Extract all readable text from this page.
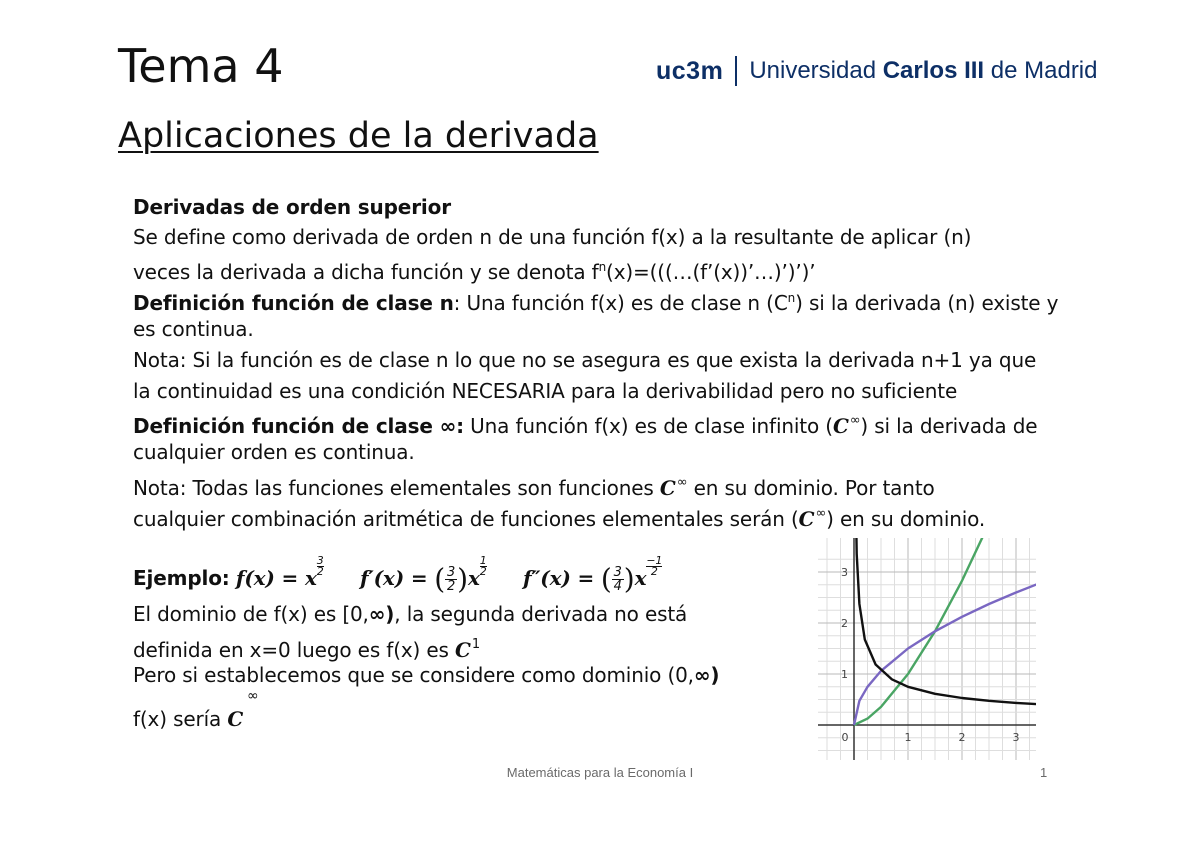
Tema 4
Aplicaciones de la derivada
uc3m Universidad Carlos III de Madrid
Derivadas de orden superior
Se define como derivada de orden n de una función f(x) a la resultante de aplicar (n)
veces la derivada a dicha función y se denota $f^n(x)=(((\dots(f’(x))’\dots)’)’)$’
Definición función de clase n: Una función f(x) es de clase n $(C^n)$ si la derivada (n) existe y
es continua.
Nota: Si la función es de clase n lo que no se asegura es que exista la derivada n+1 ya que
la continuidad es una condición NECESARIA para la derivabilidad pero no suficiente
Definición función de clase ∞: Una función f(x) es de clase infinito (C∞) si la derivada de
cualquier orden es continua.
Nota: Todas las funciones elementales son funciones C∞ en su dominio. Por tanto
cualquier combinación aritmética de funciones elementales serán (C∞) en su dominio.
Ejemplo: f(x) = x $\frac{3}{2} f'(x)$ = ( $\frac{3}{2} )x \frac{1}{2} f''(x)$ = ( $\frac{3}{4} )x \frac{-1}{2}$
El dominio de f(x) es [0,∞), la segunda derivada no está
definida en x=0 luego es f(x) es $C^1$
Pero si establecemos que se considere como dominio (0,∞)
f(x) sería C
∞
0	1	2	3
1
2
3
Matemáticas para la Economía I	1
